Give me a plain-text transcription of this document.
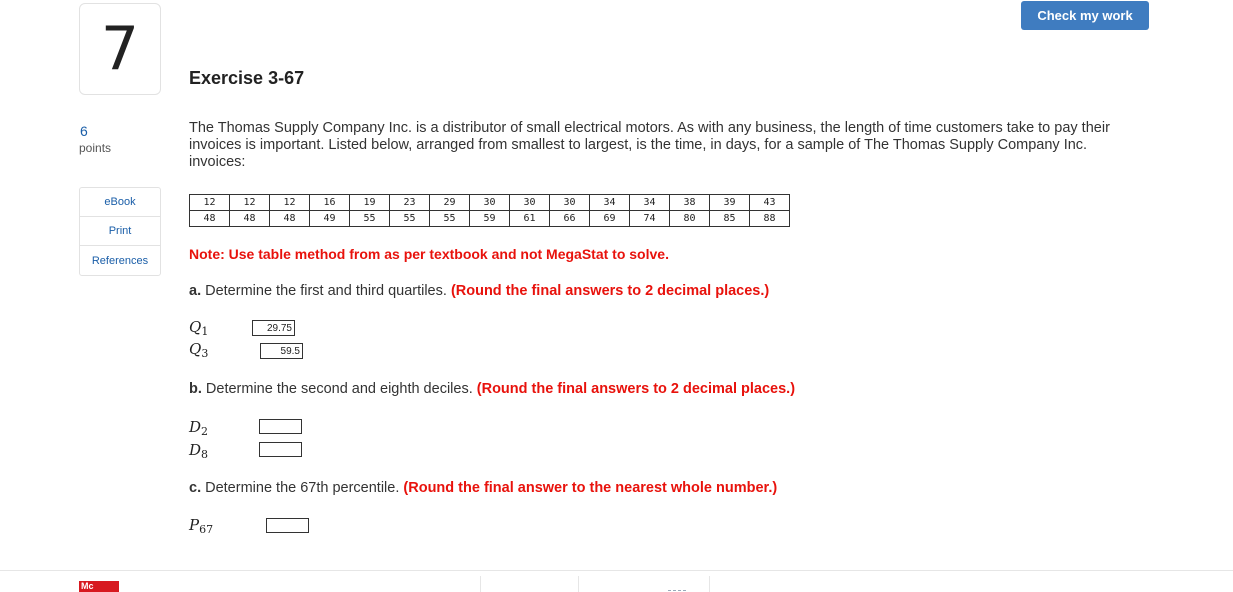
7	Exercise 3-67
6
points
eBook
Print
References
Check my work
The Thomas Supply Company Inc. is a distributor of small electrical motors. As with any business, the length of time customers take to pay their invoices is important. Listed below, arranged from smallest to largest, is the time, in days, for a sample of The Thomas Supply Company Inc. invoices:
12	12	12	16	19	23	29	30	30	30	34	34	38	39	43
48	48	48	49	55	55	55	59	61	66	69	74	80	85	88
Note: Use table method from as per textbook and not MegaStat to solve.
a. Determine the first and third quartiles. (Round the final answers to 2 decimal places.)
$Q_1$
29.75
$Q_3$
59.5
b. Determine the second and eighth deciles. (Round the final answers to 2 decimal places.)
$D_2$
$D_8$
c. Determine the 67th percentile. (Round the final answer to the nearest whole number.)
$P_{67}$
Mc
